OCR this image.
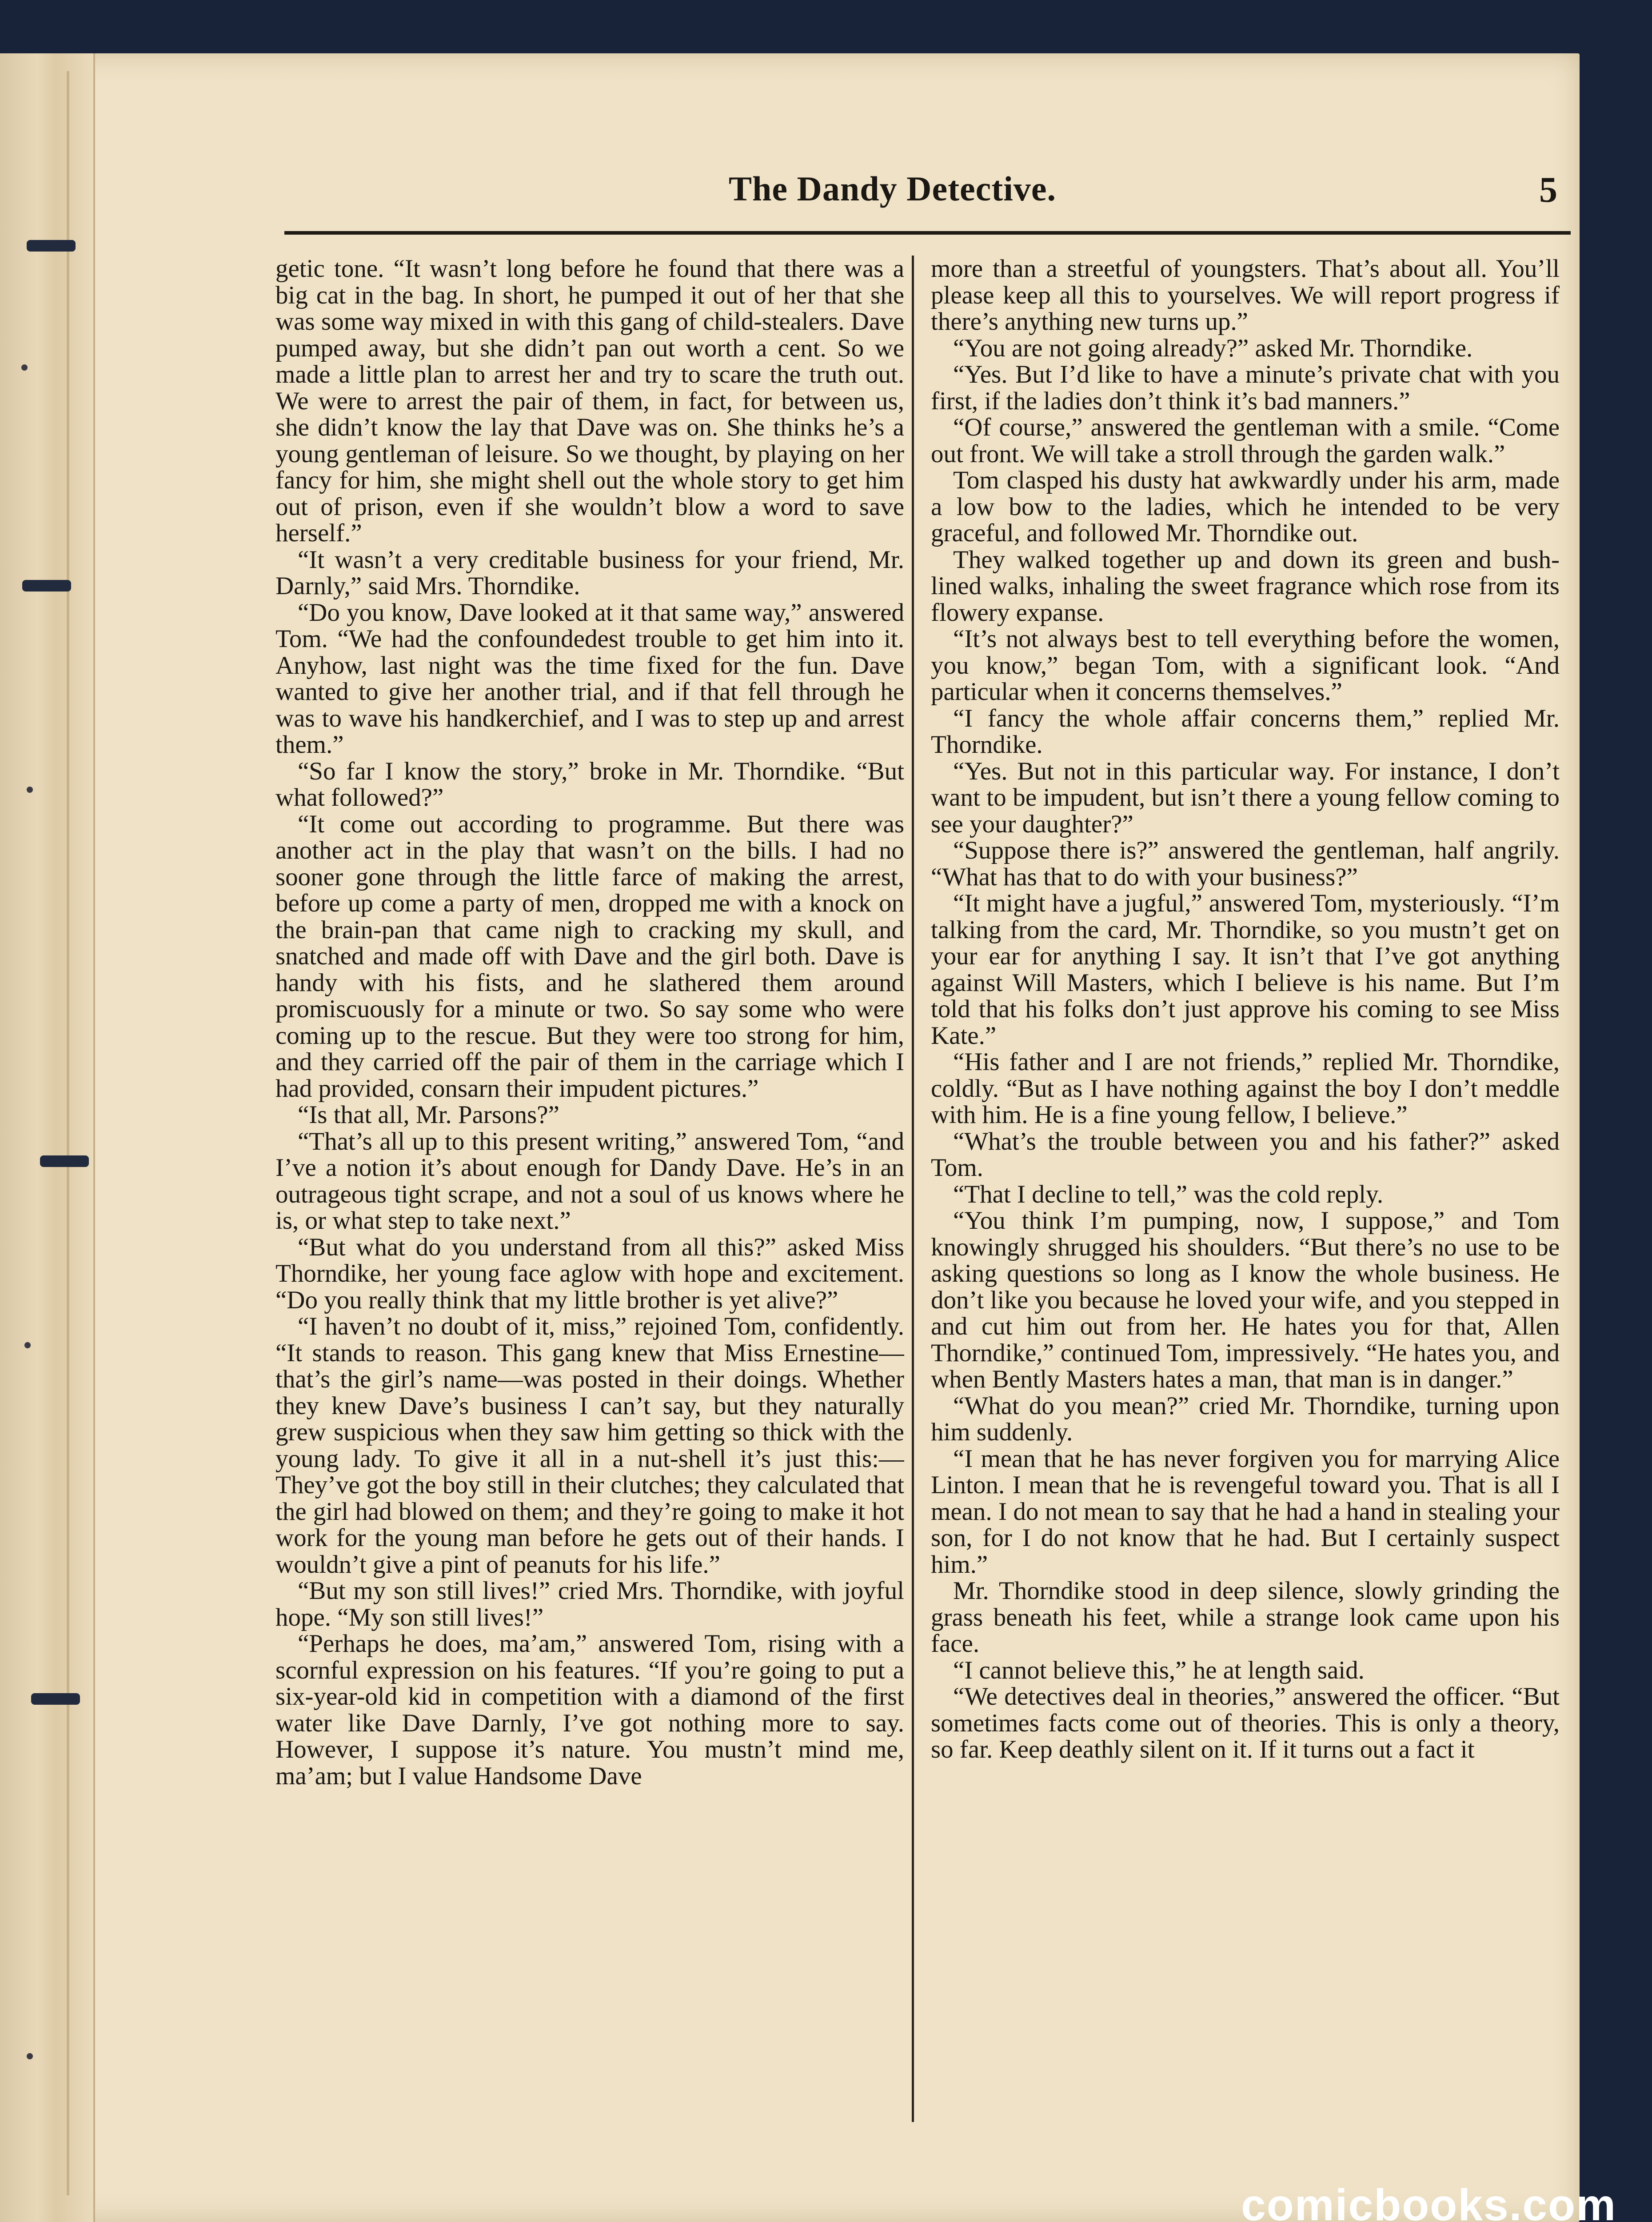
The Dandy Detective.	5

getic tone. “It wasn’t long before he found that there was a big cat in the bag. In short, he pumped it out of her that she was some way mixed in with this gang of child-stealers. Dave pumped away, but she didn’t pan out worth a cent. So we made a little plan to arrest her and try to scare the truth out. We were to arrest the pair of them, in fact, for between us, she didn’t know the lay that Dave was on. She thinks he’s a young gentleman of leisure. So we thought, by playing on her fancy for him, she might shell out the whole story to get him out of prison, even if she wouldn’t blow a word to save herself.”

“It wasn’t a very creditable business for your friend, Mr. Darnly,” said Mrs. Thorndike.

“Do you know, Dave looked at it that same way,” answered Tom. “We had the confoundedest trouble to get him into it. Anyhow, last night was the time fixed for the fun. Dave wanted to give her another trial, and if that fell through he was to wave his handkerchief, and I was to step up and arrest them.”

“So far I know the story,” broke in Mr. Thorndike. “But what followed?”

“It come out according to programme. But there was another act in the play that wasn’t on the bills. I had no sooner gone through the little farce of making the arrest, before up come a party of men, dropped me with a knock on the brain-pan that came nigh to cracking my skull, and snatched and made off with Dave and the girl both. Dave is handy with his fists, and he slathered them around promiscuously for a minute or two. So say some who were coming up to the rescue. But they were too strong for him, and they carried off the pair of them in the carriage which I had provided, consarn their impudent pictures.”

“Is that all, Mr. Parsons?”

“That’s all up to this present writing,” answered Tom, “and I’ve a notion it’s about enough for Dandy Dave. He’s in an outrageous tight scrape, and not a soul of us knows where he is, or what step to take next.”

“But what do you understand from all this?” asked Miss Thorndike, her young face aglow with hope and excitement. “Do you really think that my little brother is yet alive?”

“I haven’t no doubt of it, miss,” rejoined Tom, confidently. “It stands to reason. This gang knew that Miss Ernestine—that’s the girl’s name—was posted in their doings. Whether they knew Dave’s business I can’t say, but they naturally grew suspicious when they saw him getting so thick with the young lady. To give it all in a nut-shell it’s just this:—They’ve got the boy still in their clutches; they calculated that the girl had blowed on them; and they’re going to make it hot work for the young man before he gets out of their hands. I wouldn’t give a pint of peanuts for his life.”

“But my son still lives!” cried Mrs. Thorndike, with joyful hope. “My son still lives!”

“Perhaps he does, ma’am,” answered Tom, rising with a scornful expression on his features. “If you’re going to put a six-year-old kid in competition with a diamond of the first water like Dave Darnly, I’ve got nothing more to say. However, I suppose it’s nature. You mustn’t mind me, ma’am; but I value Handsome Dave

more than a streetful of youngsters. That’s about all. You’ll please keep all this to yourselves. We will report progress if there’s anything new turns up.”

“You are not going already?” asked Mr. Thorndike.

“Yes. But I’d like to have a minute’s private chat with you first, if the ladies don’t think it’s bad manners.”

“Of course,” answered the gentleman with a smile. “Come out front. We will take a stroll through the garden walk.”

Tom clasped his dusty hat awkwardly under his arm, made a low bow to the ladies, which he intended to be very graceful, and followed Mr. Thorndike out.

They walked together up and down its green and bush-lined walks, inhaling the sweet fragrance which rose from its flowery expanse.

“It’s not always best to tell everything before the women, you know,” began Tom, with a significant look. “And particular when it concerns themselves.”

“I fancy the whole affair concerns them,” replied Mr. Thorndike.

“Yes. But not in this particular way. For instance, I don’t want to be impudent, but isn’t there a young fellow coming to see your daughter?”

“Suppose there is?” answered the gentleman, half angrily. “What has that to do with your business?”

“It might have a jugful,” answered Tom, mysteriously. “I’m talking from the card, Mr. Thorndike, so you mustn’t get on your ear for anything I say. It isn’t that I’ve got anything against Will Masters, which I believe is his name. But I’m told that his folks don’t just approve his coming to see Miss Kate.”

“His father and I are not friends,” replied Mr. Thorndike, coldly. “But as I have nothing against the boy I don’t meddle with him. He is a fine young fellow, I believe.”

“What’s the trouble between you and his father?” asked Tom.

“That I decline to tell,” was the cold reply.

“You think I’m pumping, now, I suppose,” and Tom knowingly shrugged his shoulders. “But there’s no use to be asking questions so long as I know the whole business. He don’t like you because he loved your wife, and you stepped in and cut him out from her. He hates you for that, Allen Thorndike,” continued Tom, impressively. “He hates you, and when Bently Masters hates a man, that man is in danger.”

“What do you mean?” cried Mr. Thorndike, turning upon him suddenly.

“I mean that he has never forgiven you for marrying Alice Linton. I mean that he is revengeful toward you. That is all I mean. I do not mean to say that he had a hand in stealing your son, for I do not know that he had. But I certainly suspect him.”

Mr. Thorndike stood in deep silence, slowly grinding the grass beneath his feet, while a strange look came upon his face.

“I cannot believe this,” he at length said.

“We detectives deal in theories,” answered the officer. “But sometimes facts come out of theories. This is only a theory, so far. Keep deathly silent on it. If it turns out a fact it

comicbooks.com
